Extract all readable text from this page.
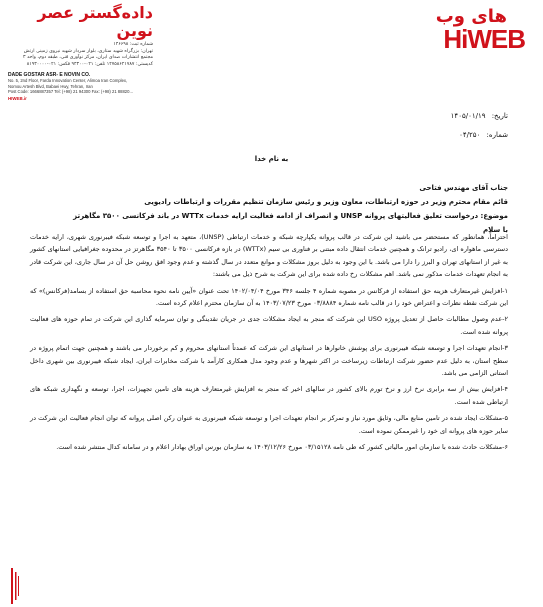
های وب
HiWEB
داده‌گستر عصر نوین
شماره ثبت: ۱۴۶۶۹۸
تهران: بزرگراه شهید ستاری، بلوار سردار شهید نیروی زمینی ارتش
مجتمع انتشارات صدای ایران، مرکز نوآوری فنی، طبقه دوم، واحد ۳
کدپستی: ۱۴۷۵۸۶۲۱۷۸۷ تلفن: ۰۲۱-۹۴۳۰۰ فکس: ۰۲۱-۸۱۹۳۰۰۰۰
DADE GOSTAR ASR- E NOVIN CO.
No. 5, 2nd Floor, Farda Innovation Center, Alimoa Iran Complex,
Nomou Artesh Blvd, Babaei Hwy, Tehran, Iran
Post Code: 1666887357 Tel: (+98) 21 94300 Fax: (+98) 21 88820...
HIWEB.ir
تاریخ: ۱۴۰۵/۰۱/۱۹
شماره: ۰۴/۲۵۰
به نام خدا
جناب آقای مهندس فتاحی
قائم مقام محترم وزیر در حوزه ارتباطات، معاون وزیر و رئیس سازمان تنظیم مقررات و ارتباطات رادیویی
موضوع: درخواست تعلیق فعالیتهای پروانه UNSP و انصراف از ادامه فعالیت ارایه خدمات WTTx در باند فرکانسی ۳۵۰۰ مگاهرتز
با سلام

احتراماً، همانطور که مستحضر می باشید این شرکت در قالب پروانه یکپارچه شبکه و خدمات ارتباطی (UNSP)، متعهد به اجرا و توسعه شبکه فیبرنوری شهری، ارایه خدمات دسترسی ماهواره ای، رادیو ترانک و همچنین خدمات انتقال داده مبتنی بر فناوری بی سیم (WTTx) در بازه فرکانسی ۳۵۰۰ تا ۳۵۴۰ مگاهرتز در محدوده جغرافیایی استانهای کشور به غیر از استانهای تهران و البرز را دارا می باشد. با این وجود به دلیل بروز مشکلات و موانع متعدد در سال گذشته و عدم وجود افق روشن حل آن در سال جاری، این شرکت قادر به انجام تعهدات خدمات مذکور نمی باشد. اهم مشکلات رخ داده شده برای این شرکت به شرح ذیل می باشند:

۱-افزایش غیرمتعارف هزینه حق استفاده از فرکانس در مصوبه شماره ۴ جلسه ۳۴۶ مورخ ۱۴۰۲/۰۴/۰۴ تحت عنوان «آیین نامه نحوه محاسبه حق استفاده از بسامد(فرکانس)» که این شرکت نقطه نظرات و اعتراض خود را در قالب نامه شماره ۰۳/۸۸۸۴ مورخ ۱۴۰۳/۰۷/۲۳ به آن سازمان محترم اعلام کرده است.

۲-عدم وصول مطالبات حاصل از تعدیل پروژه USO این شرکت که منجر به ایجاد مشکلات جدی در جریان نقدینگی و توان سرمایه گذاری این شرکت در تمام حوزه های فعالیت پروانه شده است.

۳-انجام تعهدات اجرا و توسعه شبکه فیبرنوری برای پوشش خانوارها در استانهای این شرکت که عمدتاً استانهای محروم و کم برخوردار می باشند و همچنین جهت اتمام پروژه در سطح استان، به دلیل عدم حضور شرکت ارتباطات زیرساخت در اکثر شهرها و عدم وجود مدل همکاری کارآمد با شرکت مخابرات ایران، ایجاد شبکه فیبرنوری بین شهری داخل استانی الزامی می باشد.

۴-افزایش بیش از سه برابری نرخ ارز و نرخ تورم بالای کشور در سالهای اخیر که منجر به افزایش غیرمتعارف هزینه های تامین تجهیزات، اجرا، توسعه و نگهداری شبکه های ارتباطی شده است.

۵-مشکلات ایجاد شده در تامین منابع مالی، وثایق مورد نیاز و تمرکز بر انجام تعهدات اجرا و توسعه شبکه فیبرنوری به عنوان رکن اصلی پروانه که توان انجام فعالیت این شرکت در سایر حوزه های پروانه ای خود را غیرممکن نموده است.

۶-مشکلات حادث شده با سازمان امور مالیاتی کشور که طی نامه ۰۳/۱۵۱۲۸ مورخ ۱۴۰۳/۱۲/۲۶ به سازمان بورس اوراق بهادار اعلام و در سامانه کدال منتشر شده است.
